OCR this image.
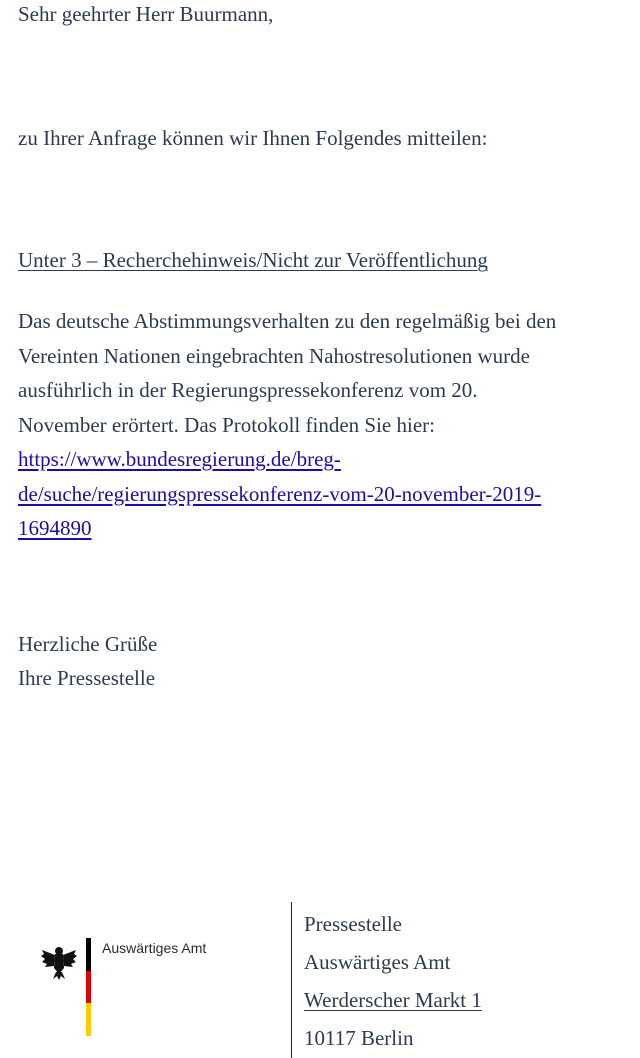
Sehr geehrter Herr Buurmann,

zu Ihrer Anfrage können wir Ihnen Folgendes mitteilen:

Unter 3 – Recherchehinweis/Nicht zur Veröffentlichung

Das deutsche Abstimmungsverhalten zu den regelmäßig bei den
Vereinten Nationen eingebrachten Nahostresolutionen wurde
ausführlich in der Regierungspressekonferenz vom 20.
November erörtert. Das Protokoll finden Sie hier:
https://www.bundesregierung.de/breg-
de/suche/regierungspressekonferenz-vom-20-november-2019-
1694890

Herzliche Grüße

Ihre Pressestelle

Auswärtiges Amt

Pressestelle

Auswärtiges Amt

Werderscher Markt 1

10117 Berlin
